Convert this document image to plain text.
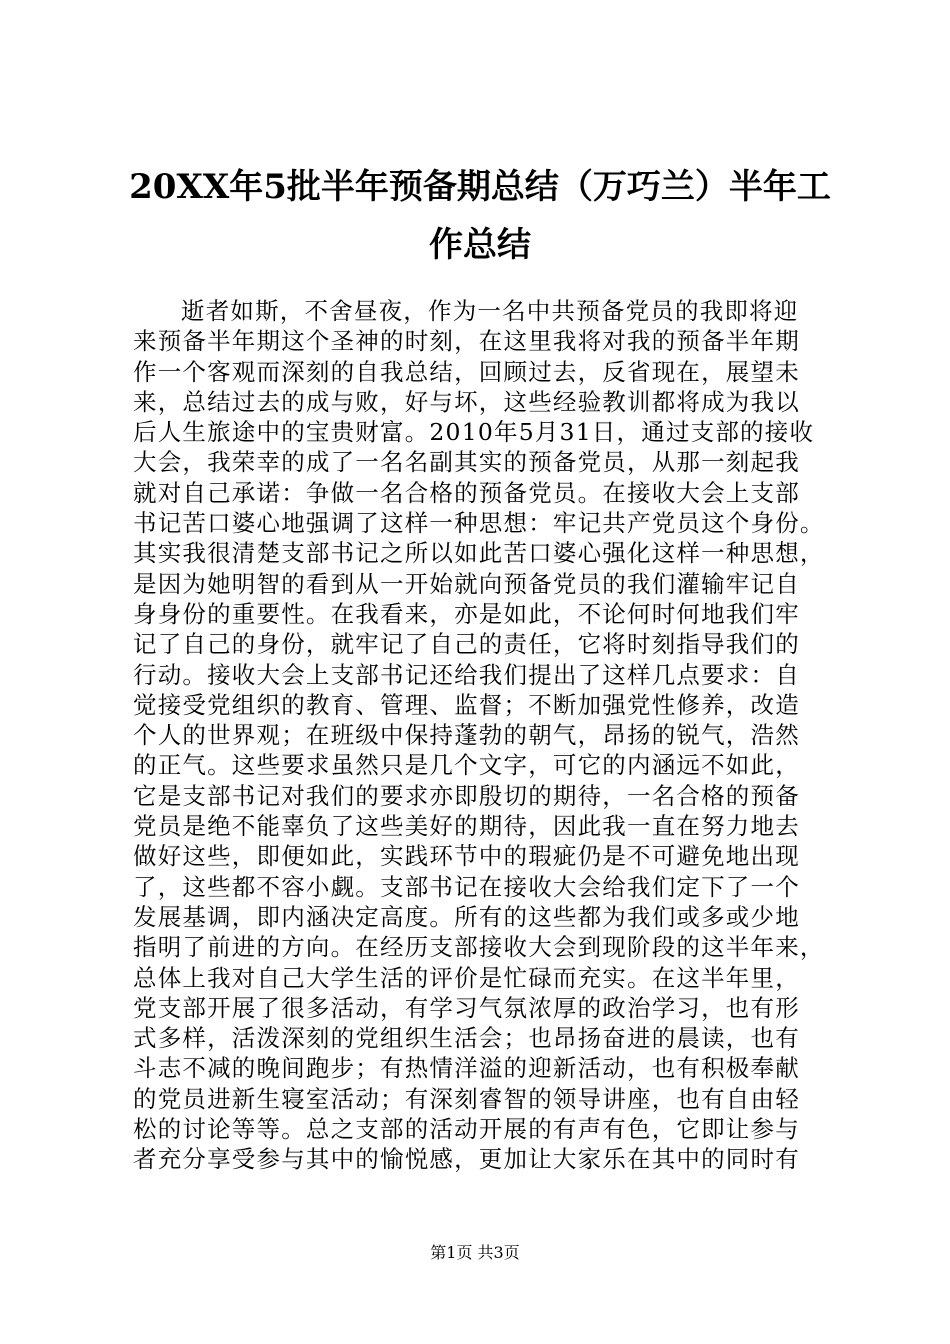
20XX年5批半年预备期总结（万巧兰）半年工
作总结
逝者如斯，不舍昼夜，作为一名中共预备党员的我即将迎
来预备半年期这个圣神的时刻，在这里我将对我的预备半年期
作一个客观而深刻的自我总结，回顾过去，反省现在，展望未
来，总结过去的成与败，好与坏，这些经验教训都将成为我以
后人生旅途中的宝贵财富。2010年5月31日，通过支部的接收
大会，我荣幸的成了一名名副其实的预备党员，从那一刻起我
就对自己承诺：争做一名合格的预备党员。在接收大会上支部
书记苦口婆心地强调了这样一种思想：牢记共产党员这个身份。
其实我很清楚支部书记之所以如此苦口婆心强化这样一种思想，
是因为她明智的看到从一开始就向预备党员的我们灌输牢记自
身身份的重要性。在我看来，亦是如此，不论何时何地我们牢
记了自己的身份，就牢记了自己的责任，它将时刻指导我们的
行动。接收大会上支部书记还给我们提出了这样几点要求：自
觉接受党组织的教育、管理、监督；不断加强党性修养，改造
个人的世界观；在班级中保持蓬勃的朝气，昂扬的锐气，浩然
的正气。这些要求虽然只是几个文字，可它的内涵远不如此，
它是支部书记对我们的要求亦即殷切的期待，一名合格的预备
党员是绝不能辜负了这些美好的期待，因此我一直在努力地去
做好这些，即便如此，实践环节中的瑕疵仍是不可避免地出现
了，这些都不容小觑。支部书记在接收大会给我们定下了一个
发展基调，即内涵决定高度。所有的这些都为我们或多或少地
指明了前进的方向。在经历支部接收大会到现阶段的这半年来，
总体上我对自己大学生活的评价是忙碌而充实。在这半年里，
党支部开展了很多活动，有学习气氛浓厚的政治学习，也有形
式多样，活泼深刻的党组织生活会；也昂扬奋进的晨读，也有
斗志不减的晚间跑步；有热情洋溢的迎新活动，也有积极奉献
的党员进新生寝室活动；有深刻睿智的领导讲座，也有自由轻
松的讨论等等。总之支部的活动开展的有声有色，它即让参与
者充分享受参与其中的愉悦感，更加让大家乐在其中的同时有
第1页 共3页
